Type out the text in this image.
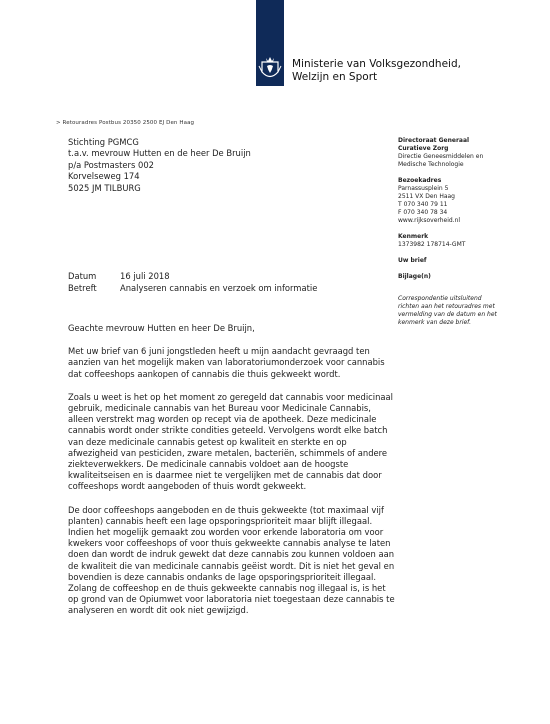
Ministerie van Volksgezondheid,
Welzijn en Sport
> Retouradres Postbus 20350 2500 EJ Den Haag
Stichting PGMCG
t.a.v. mevrouw Hutten en de heer De Bruijn
p/a Postmasters 002
Korvelseweg 174
5025 JM TILBURG
Directoraat Generaal
Curatieve Zorg
Directie Geneesmiddelen en
Medische Technologie
Bezoekadres
Parnassusplein 5
2511 VX Den Haag
T 070 340 79 11
F 070 340 78 34
www.rijksoverheid.nl
Kenmerk
1373982 178714-GMT
Uw brief
Bijlage(n)
Correspondentie uitsluitend richten aan het retouradres met vermelding van de datum en het kenmerk van deze brief.
Datum	16 juli 2018
Betreft	Analyseren cannabis en verzoek om informatie

Geachte mevrouw Hutten en heer De Bruijn,

Met uw brief van 6 juni jongstleden heeft u mijn aandacht gevraagd ten aanzien van het mogelijk maken van laboratoriumonderzoek voor cannabis dat coffeeshops aankopen of cannabis die thuis gekweekt wordt.

Zoals u weet is het op het moment zo geregeld dat cannabis voor medicinaal gebruik, medicinale cannabis van het Bureau voor Medicinale Cannabis, alleen verstrekt mag worden op recept via de apotheek. Deze medicinale cannabis wordt onder strikte condities geteeld. Vervolgens wordt elke batch van deze medicinale cannabis getest op kwaliteit en sterkte en op afwezigheid van pesticiden, zware metalen, bacteriën, schimmels of andere ziekteverwekkers. De medicinale cannabis voldoet aan de hoogste kwaliteitseisen en is daarmee niet te vergelijken met de cannabis dat door coffeeshops wordt aangeboden of thuis wordt gekweekt.

De door coffeeshops aangeboden en de thuis gekweekte (tot maximaal vijf planten) cannabis heeft een lage opsporingsprioriteit maar blijft illegaal. Indien het mogelijk gemaakt zou worden voor erkende laboratoria om voor kwekers voor coffeeshops of voor thuis gekweekte cannabis analyse te laten doen dan wordt de indruk gewekt dat deze cannabis zou kunnen voldoen aan de kwaliteit die van medicinale cannabis geëist wordt. Dit is niet het geval en bovendien is deze cannabis ondanks de lage opsporingsprioriteit illegaal. Zolang de coffeeshop en de thuis gekweekte cannabis nog illegaal is, is het op grond van de Opiumwet voor laboratoria niet toegestaan deze cannabis te analyseren en wordt dit ook niet gewijzigd.
